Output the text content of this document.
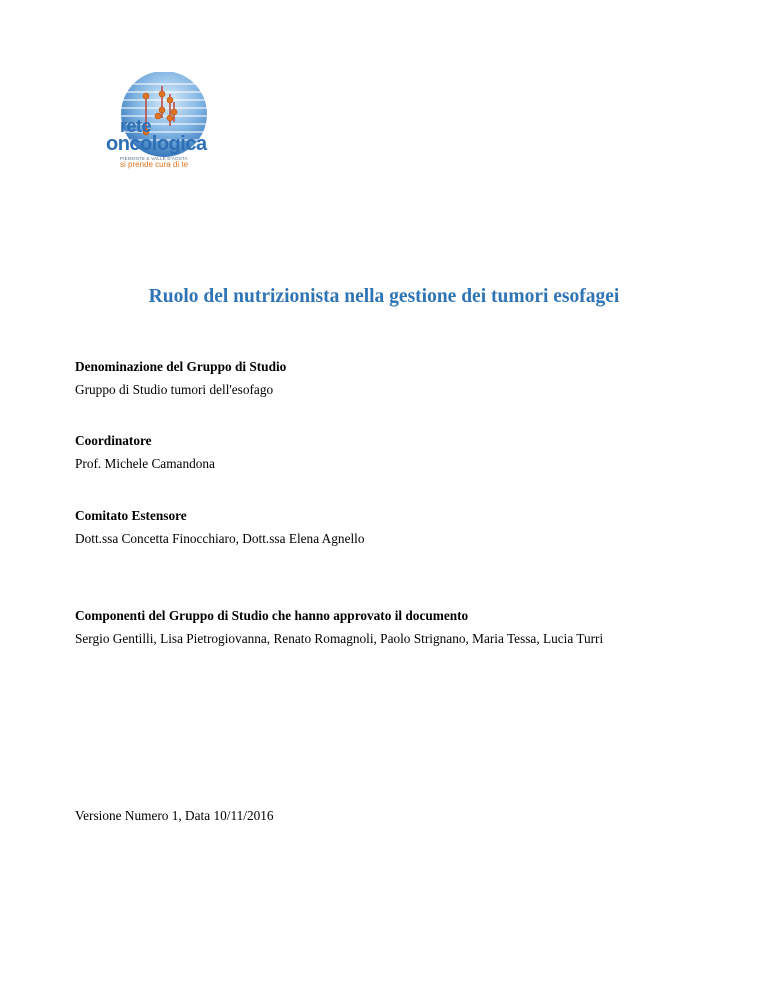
rete
oncologica
PIEMONTE E VALLE D'AOSTA
si prende cura di te
Ruolo del nutrizionista nella gestione dei tumori esofagei

Denominazione del Gruppo di Studio

Gruppo di Studio tumori dell'esofago

Coordinatore

Prof. Michele Camandona

Comitato Estensore

Dott.ssa Concetta Finocchiaro, Dott.ssa Elena Agnello

Componenti del Gruppo di Studio che hanno approvato il documento

Sergio Gentilli, Lisa Pietrogiovanna, Renato Romagnoli, Paolo Strignano, Maria Tessa, Lucia Turri

Versione Numero 1, Data 10/11/2016
